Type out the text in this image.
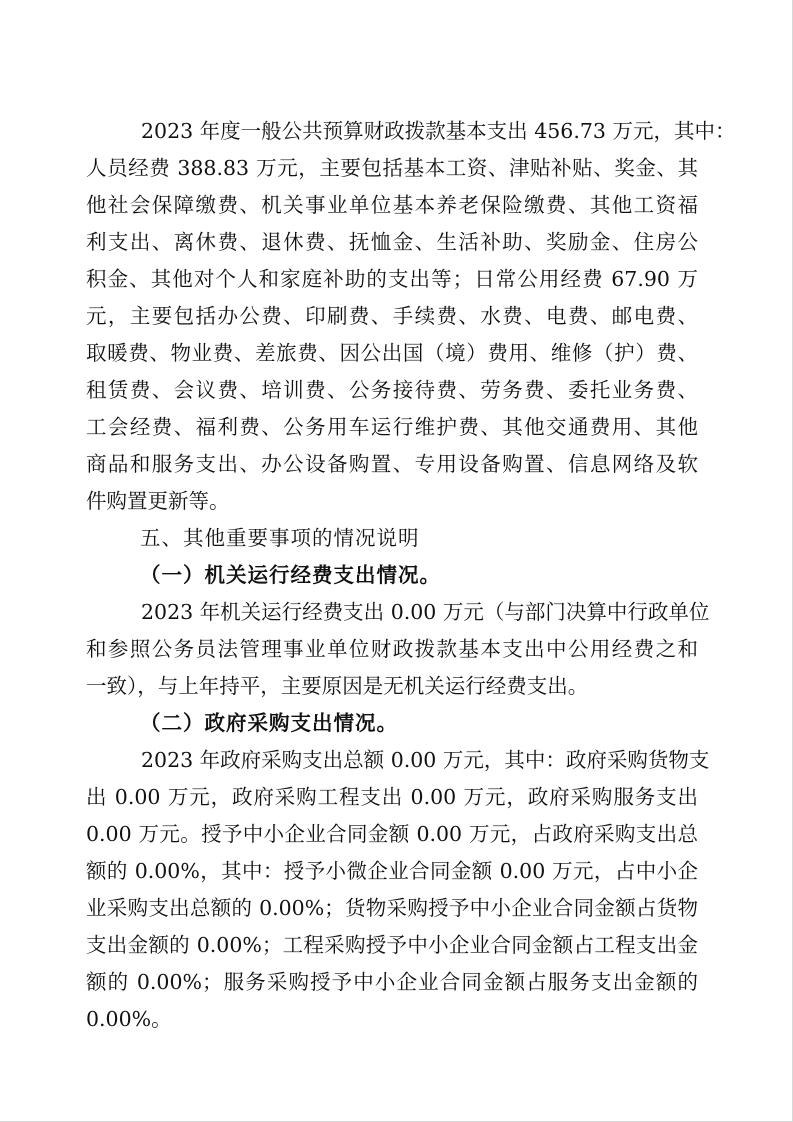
2023 年度一般公共预算财政拨款基本支出 456.73 万元，其中：
人员经费 388.83 万元，主要包括基本工资、津贴补贴、奖金、其
他社会保障缴费、机关事业单位基本养老保险缴费、其他工资福
利支出、离休费、退休费、抚恤金、生活补助、奖励金、住房公
积金、其他对个人和家庭补助的支出等；日常公用经费 67.90 万
元，主要包括办公费、印刷费、手续费、水费、电费、邮电费、
取暖费、物业费、差旅费、因公出国（境）费用、维修（护）费、
租赁费、会议费、培训费、公务接待费、劳务费、委托业务费、
工会经费、福利费、公务用车运行维护费、其他交通费用、其他
商品和服务支出、办公设备购置、专用设备购置、信息网络及软
件购置更新等。
五、其他重要事项的情况说明
（一）机关运行经费支出情况。
2023 年机关运行经费支出 0.00 万元（与部门决算中行政单位
和参照公务员法管理事业单位财政拨款基本支出中公用经费之和
一致），与上年持平，主要原因是无机关运行经费支出。
（二）政府采购支出情况。
2023 年政府采购支出总额 0.00 万元，其中：政府采购货物支
出 0.00 万元，政府采购工程支出 0.00 万元，政府采购服务支出
0.00 万元。授予中小企业合同金额 0.00 万元，占政府采购支出总
额的 0.00%，其中：授予小微企业合同金额 0.00 万元，占中小企
业采购支出总额的 0.00%；货物采购授予中小企业合同金额占货物
支出金额的 0.00%；工程采购授予中小企业合同金额占工程支出金
额的 0.00%；服务采购授予中小企业合同金额占服务支出金额的
0.00%。
